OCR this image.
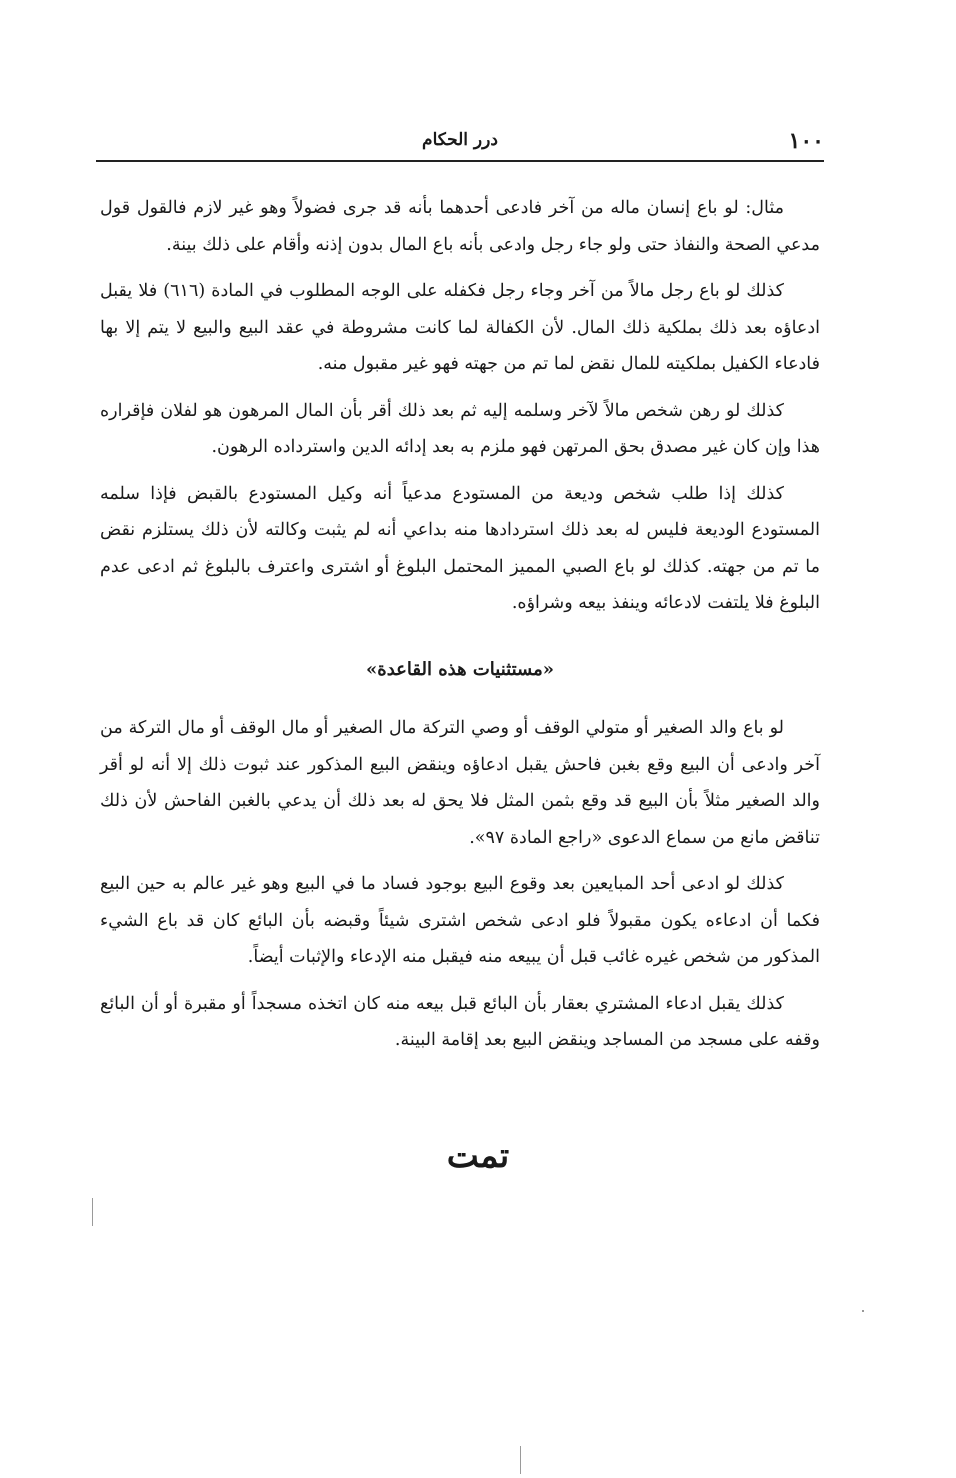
١٠٠
درر الحكام

مثال: لو باع إنسان ماله من آخر فادعى أحدهما بأنه قد جرى فضولاً وهو غير لازم فالقول قول مدعي الصحة والنفاذ حتى ولو جاء رجل وادعى بأنه باع المال بدون إذنه وأقام على ذلك بينة.

كذلك لو باع رجل مالاً من آخر وجاء رجل فكفله على الوجه المطلوب في المادة (٦١٦) فلا يقبل ادعاؤه بعد ذلك بملكية ذلك المال. لأن الكفالة لما كانت مشروطة في عقد البيع والبيع لا يتم إلا بها فادعاء الكفيل بملكيته للمال نقض لما تم من جهته فهو غير مقبول منه.

كذلك لو رهن شخص مالاً لآخر وسلمه إليه ثم بعد ذلك أقر بأن المال المرهون هو لفلان فإقراره هذا وإن كان غير مصدق بحق المرتهن فهو ملزم به بعد إدائه الدين واسترداده الرهون.

كذلك إذا طلب شخص وديعة من المستودع مدعياً أنه وكيل المستودع بالقبض فإذا سلمه المستودع الوديعة فليس له بعد ذلك استردادها منه بداعي أنه لم يثبت وكالته لأن ذلك يستلزم نقض ما تم من جهته. كذلك لو باع الصبي المميز المحتمل البلوغ أو اشترى واعترف بالبلوغ ثم ادعى عدم البلوغ فلا يلتفت لادعائه وينفذ بيعه وشراؤه.

«مستثنيات هذه القاعدة»

لو باع والد الصغير أو متولي الوقف أو وصي التركة مال الصغير أو مال الوقف أو مال التركة من آخر وادعى أن البيع وقع بغبن فاحش يقبل ادعاؤه وينقض البيع المذكور عند ثبوت ذلك إلا أنه لو أقر والد الصغير مثلاً بأن البيع قد وقع بثمن المثل فلا يحق له بعد ذلك أن يدعي بالغبن الفاحش لأن ذلك تناقض مانع من سماع الدعوى «راجع المادة ٩٧».

كذلك لو ادعى أحد المبايعين بعد وقوع البيع بوجود فساد ما في البيع وهو غير عالم به حين البيع فكما أن ادعاءه يكون مقبولاً فلو ادعى شخص اشترى شيئاً وقبضه بأن البائع كان قد باع الشيء المذكور من شخص غيره غائب قبل أن يبيعه منه فيقبل منه الإدعاء والإثبات أيضاً.

كذلك يقبل ادعاء المشتري بعقار بأن البائع قبل بيعه منه كان اتخذه مسجداً أو مقبرة أو أن البائع وقفه على مسجد من المساجد وينقض البيع بعد إقامة البينة.

تمت
